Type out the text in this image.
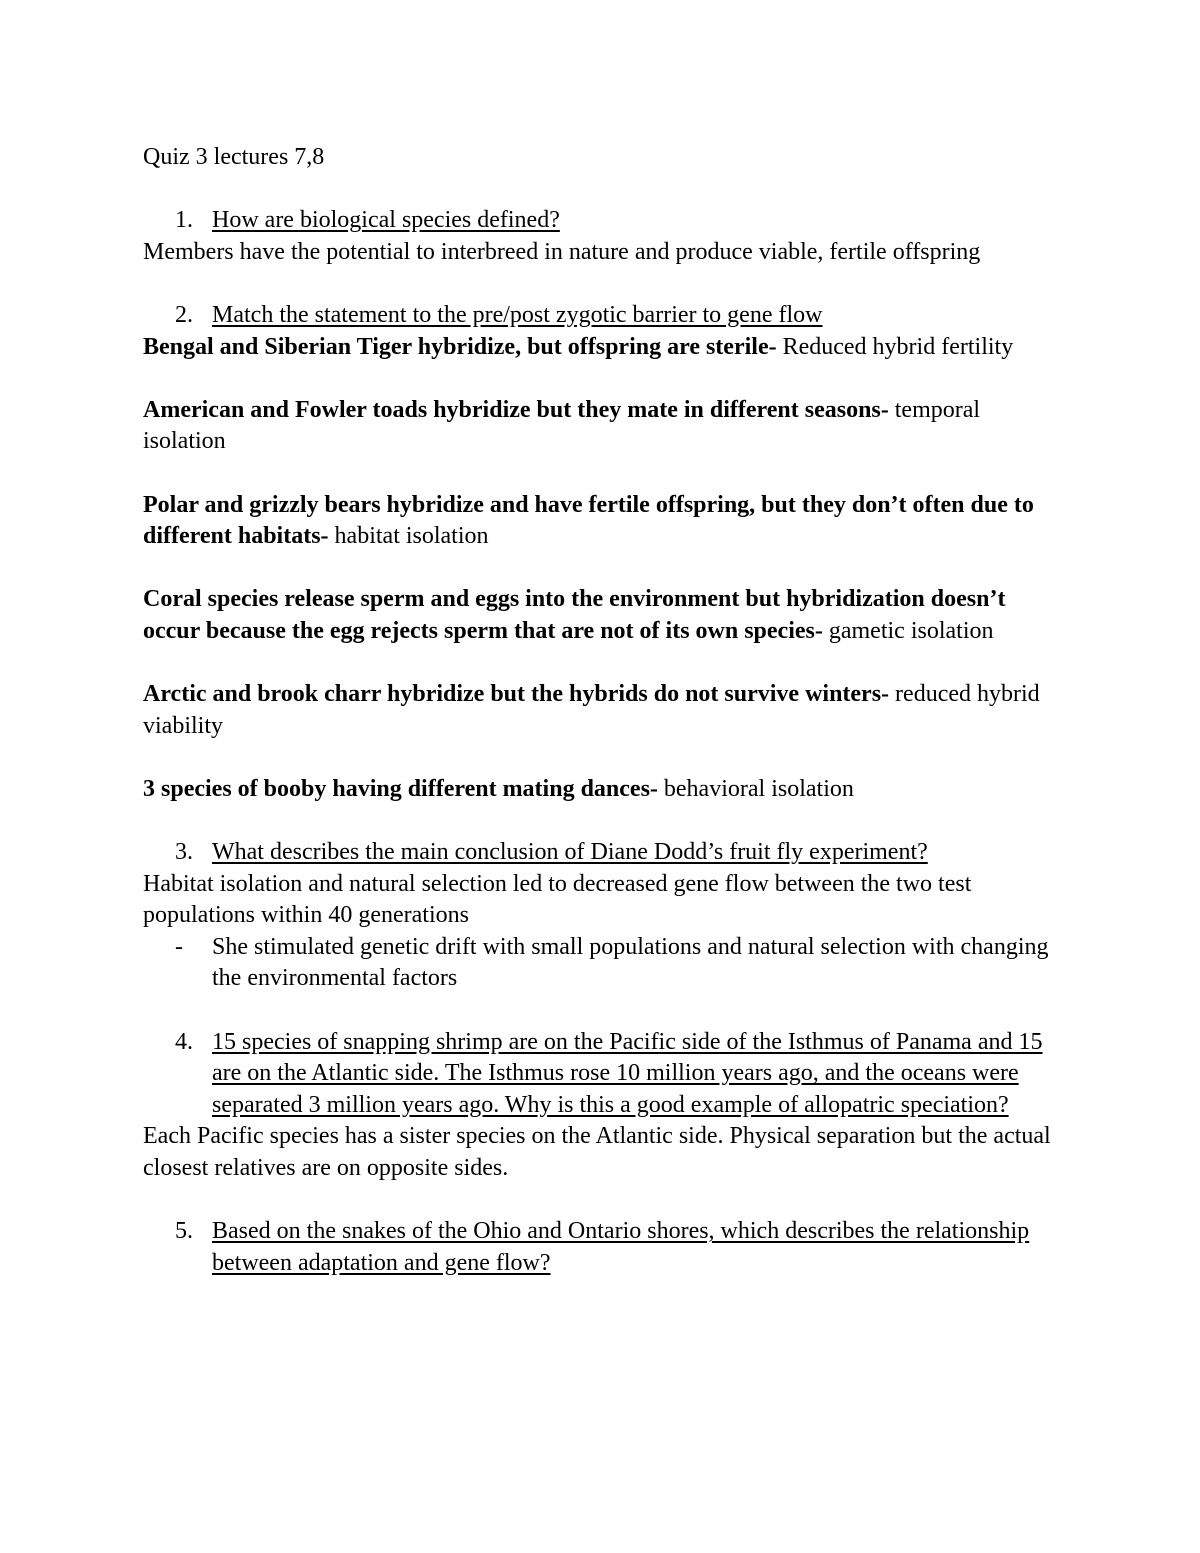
Quiz 3 lectures 7,8

1. How are biological species defined?

Members have the potential to interbreed in nature and produce viable, fertile offspring

2. Match the statement to the pre/post zygotic barrier to gene flow

Bengal and Siberian Tiger hybridize, but offspring are sterile- Reduced hybrid fertility

American and Fowler toads hybridize but they mate in different seasons- temporal isolation

Polar and grizzly bears hybridize and have fertile offspring, but they don’t often due to different habitats- habitat isolation

Coral species release sperm and eggs into the environment but hybridization doesn’t occur because the egg rejects sperm that are not of its own species- gametic isolation

Arctic and brook charr hybridize but the hybrids do not survive winters- reduced hybrid viability

3 species of booby having different mating dances- behavioral isolation

3. What describes the main conclusion of Diane Dodd’s fruit fly experiment?

Habitat isolation and natural selection led to decreased gene flow between the two test populations within 40 generations

- She stimulated genetic drift with small populations and natural selection with changing the environmental factors

4. 15 species of snapping shrimp are on the Pacific side of the Isthmus of Panama and 15 are on the Atlantic side. The Isthmus rose 10 million years ago, and the oceans were separated 3 million years ago. Why is this a good example of allopatric speciation?

Each Pacific species has a sister species on the Atlantic side. Physical separation but the actual closest relatives are on opposite sides.

5. Based on the snakes of the Ohio and Ontario shores, which describes the relationship between adaptation and gene flow?
